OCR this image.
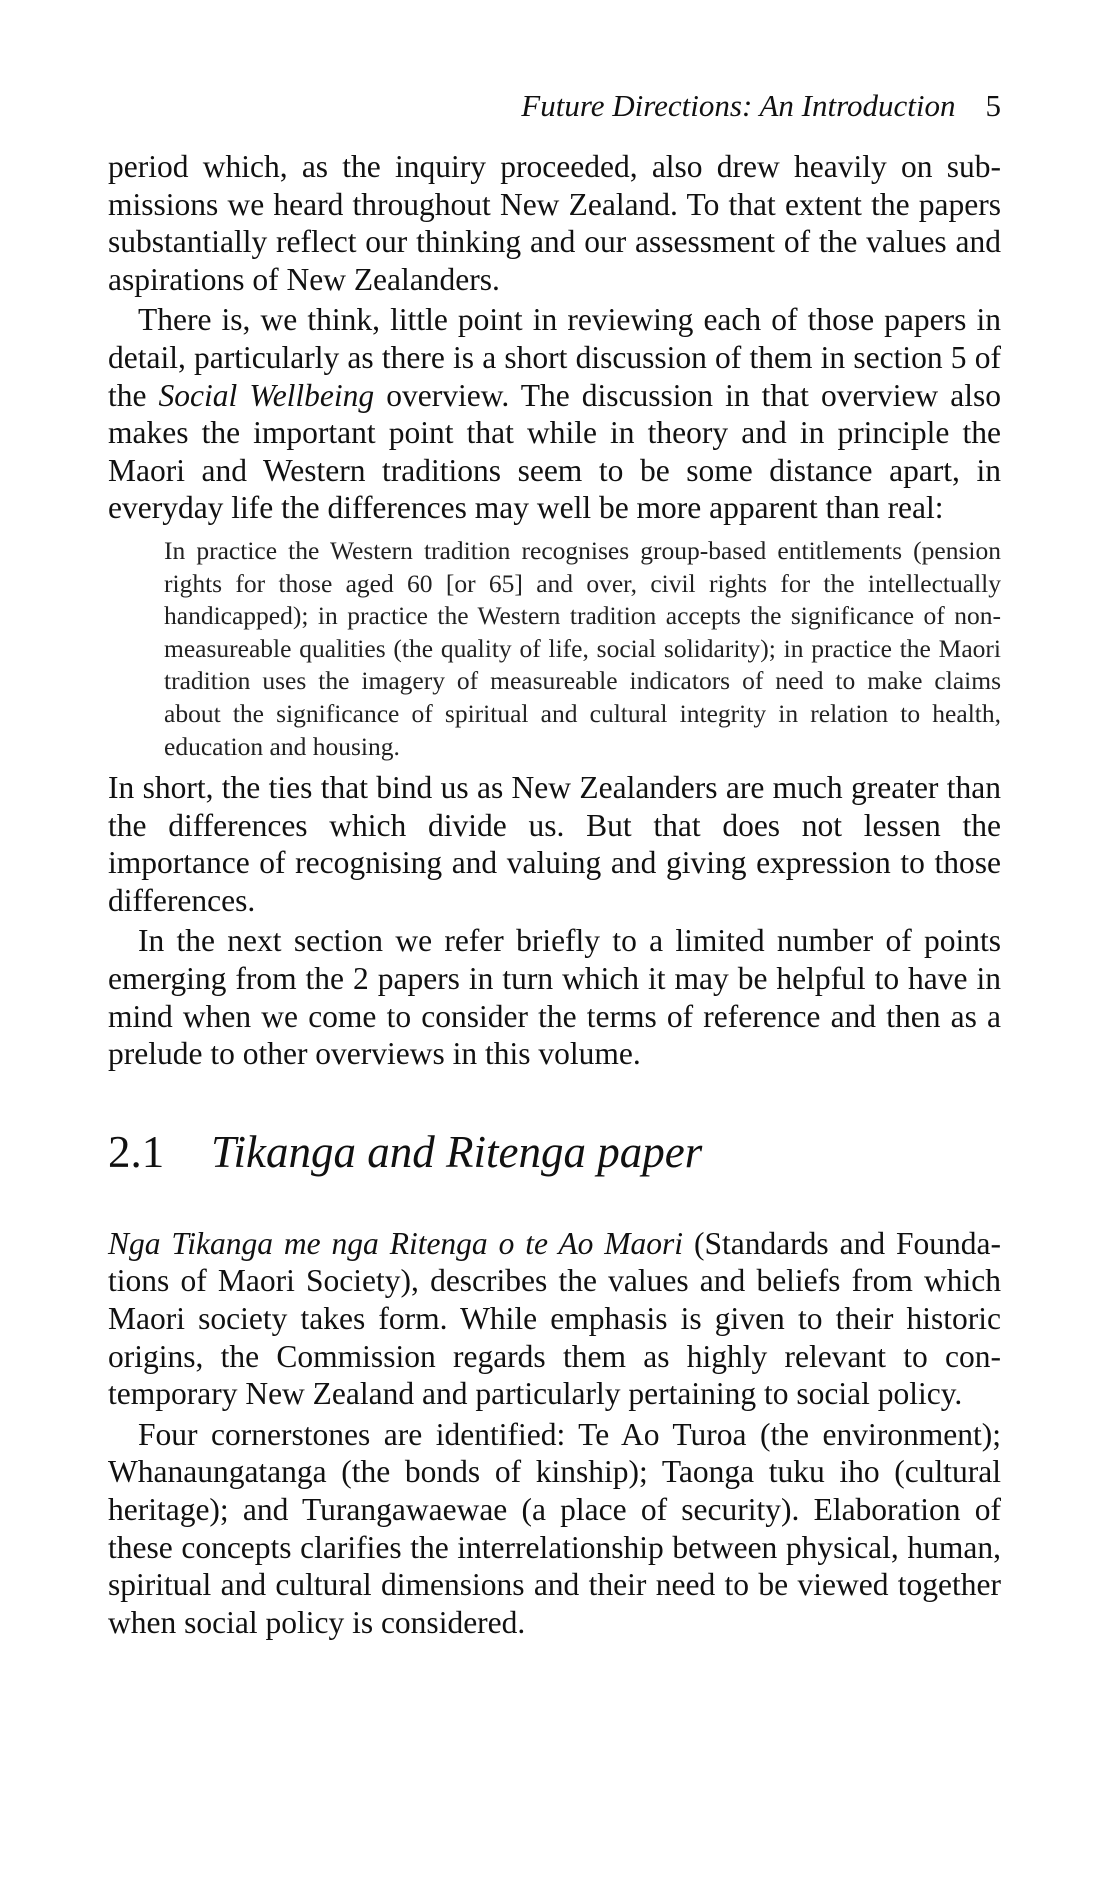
Future Directions: An Introduction 5

period which, as the inquiry proceeded, also drew heavily on submissions we heard throughout New Zealand. To that extent the papers substantially reflect our thinking and our assessment of the values and aspirations of New Zealanders.

There is, we think, little point in reviewing each of those papers in detail, particularly as there is a short discussion of them in section 5 of the Social Wellbeing overview. The discussion in that overview also makes the important point that while in theory and in principle the Maori and Western traditions seem to be some distance apart, in everyday life the differences may well be more apparent than real:

In practice the Western tradition recognises group-based entitlements (pension rights for those aged 60 [or 65] and over, civil rights for the intellectually handicapped); in practice the Western tradition accepts the significance of non-measureable qualities (the quality of life, social solidarity); in practice the Maori tradition uses the imagery of measureable indicators of need to make claims about the significance of spiritual and cultural integrity in relation to health, education and housing.

In short, the ties that bind us as New Zealanders are much greater than the differences which divide us. But that does not lessen the importance of recognising and valuing and giving expression to those differences.

In the next section we refer briefly to a limited number of points emerging from the 2 papers in turn which it may be helpful to have in mind when we come to consider the terms of reference and then as a prelude to other overviews in this volume.

2.1 Tikanga and Ritenga paper

Nga Tikanga me nga Ritenga o te Ao Maori (Standards and Foundations of Maori Society), describes the values and beliefs from which Maori society takes form. While emphasis is given to their historic origins, the Commission regards them as highly relevant to contemporary New Zealand and particularly pertaining to social policy.

Four cornerstones are identified: Te Ao Turoa (the environment); Whanaungatanga (the bonds of kinship); Taonga tuku iho (cultural heritage); and Turangawaewae (a place of security). Elaboration of these concepts clarifies the interrelationship between physical, human, spiritual and cultural dimensions and their need to be viewed together when social policy is considered.
